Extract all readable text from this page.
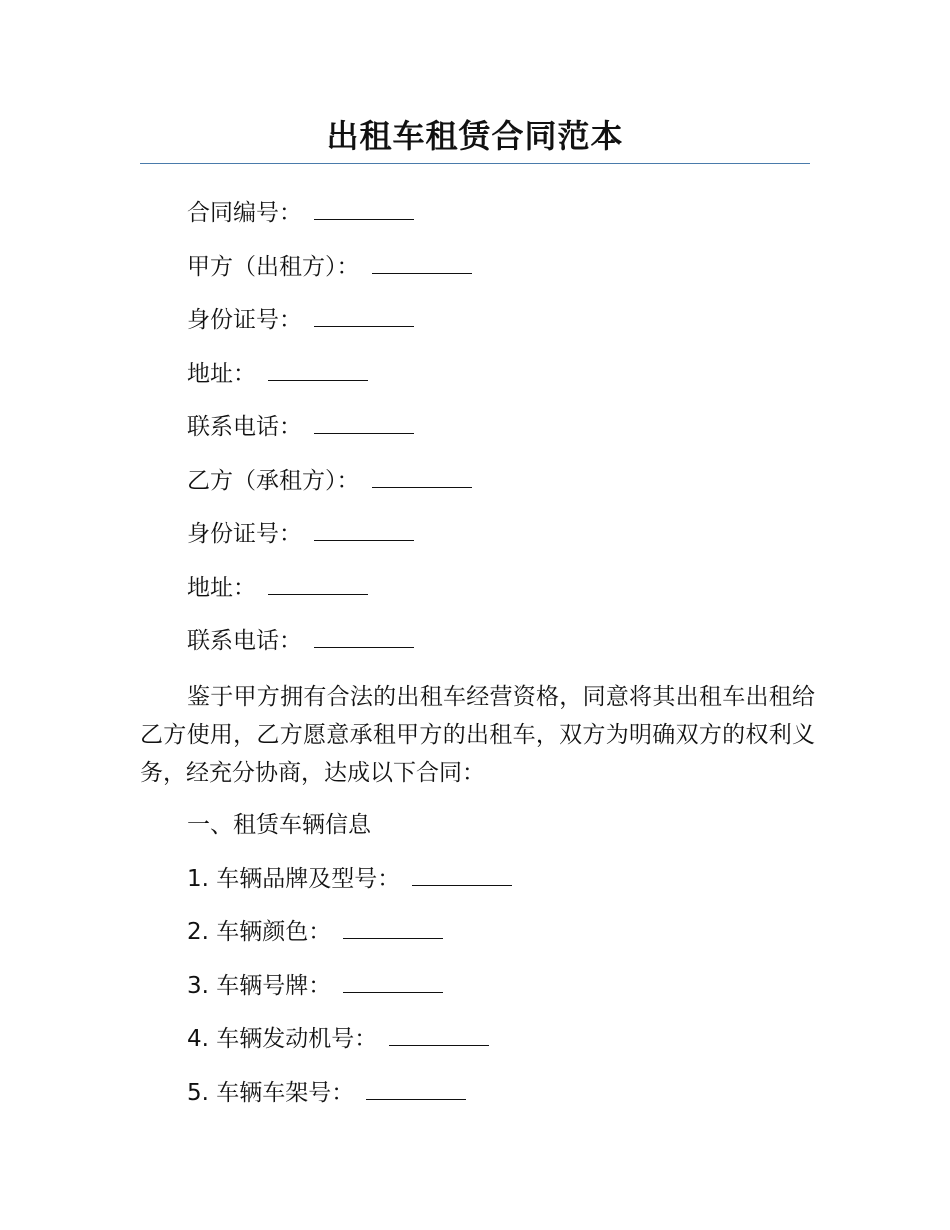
出租车租赁合同范本
合同编号：
甲方（出租方）：
身份证号：
地址：
联系电话：
乙方（承租方）：
身份证号：
地址：
联系电话：
鉴于甲方拥有合法的出租车经营资格，同意将其出租车出租给乙方使用，乙方愿意承租甲方的出租车，双方为明确双方的权利义务，经充分协商，达成以下合同：
一、租赁车辆信息
1. 车辆品牌及型号：
2. 车辆颜色：
3. 车辆号牌：
4. 车辆发动机号：
5. 车辆车架号：
